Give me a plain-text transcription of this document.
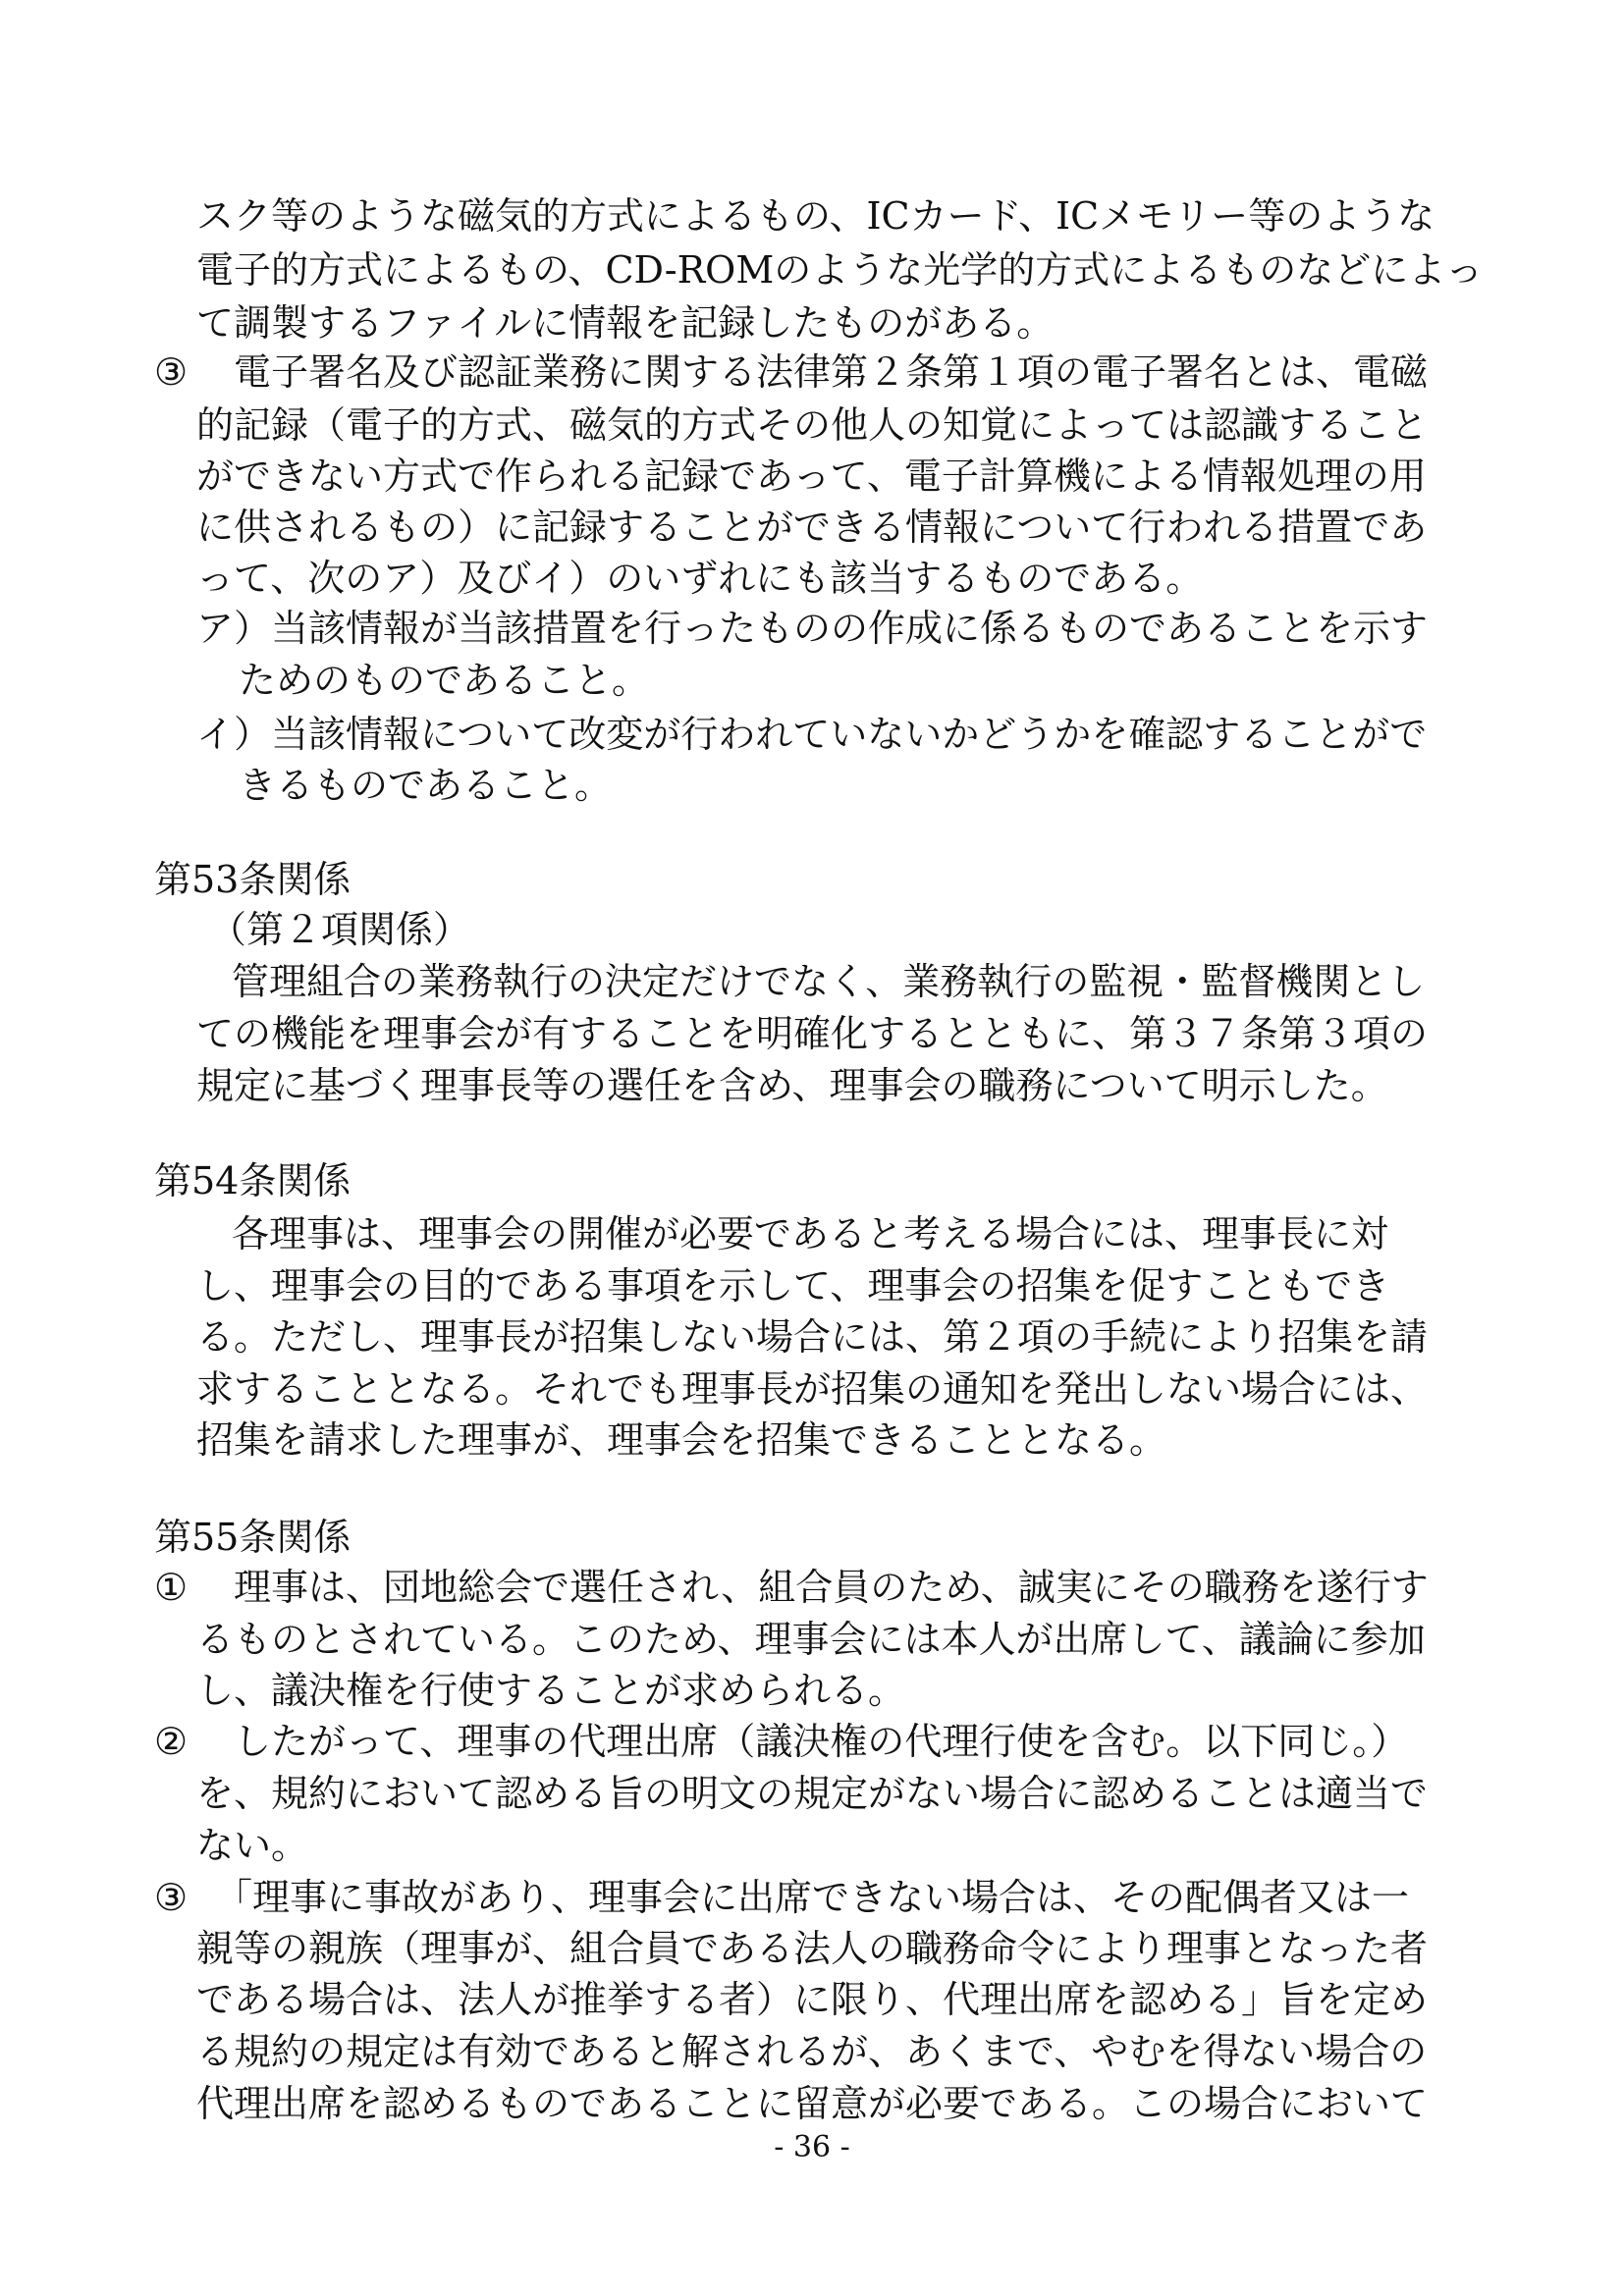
スク等のような磁気的方式によるもの、ICカード、ICメモリー等のような
電子的方式によるもの、CD-ROMのような光学的方式によるものなどによっ
て調製するファイルに情報を記録したものがある。
③ 　電子署名及び認証業務に関する法律第２条第１項の電子署名とは、電磁
的記録（電子的方式、磁気的方式その他人の知覚によっては認識すること
ができない方式で作られる記録であって、電子計算機による情報処理の用
に供されるもの）に記録することができる情報について行われる措置であ
って、次のア）及びイ）のいずれにも該当するものである。
ア）当該情報が当該措置を行ったものの作成に係るものであることを示す
ためのものであること。
イ）当該情報について改変が行われていないかどうかを確認することがで
きるものであること。
第53条関係
（第２項関係）
管理組合の業務執行の決定だけでなく、業務執行の監視・監督機関とし
ての機能を理事会が有することを明確化するとともに、第３７条第３項の
規定に基づく理事長等の選任を含め、理事会の職務について明示した。
第54条関係
各理事は、理事会の開催が必要であると考える場合には、理事長に対
し、理事会の目的である事項を示して、理事会の招集を促すこともでき
る。ただし、理事長が招集しない場合には、第２項の手続により招集を請
求することとなる。それでも理事長が招集の通知を発出しない場合には、
招集を請求した理事が、理事会を招集できることとなる。
第55条関係
① 　理事は、団地総会で選任され、組合員のため、誠実にその職務を遂行す
るものとされている。このため、理事会には本人が出席して、議論に参加
し、議決権を行使することが求められる。
② 　したがって、理事の代理出席（議決権の代理行使を含む。以下同じ。）
を、規約において認める旨の明文の規定がない場合に認めることは適当で
ない。
③ 　「理事に事故があり、理事会に出席できない場合は、その配偶者又は一
親等の親族（理事が、組合員である法人の職務命令により理事となった者
である場合は、法人が推挙する者）に限り、代理出席を認める」旨を定め
る規約の規定は有効であると解されるが、あくまで、やむを得ない場合の
代理出席を認めるものであることに留意が必要である。この場合において
- 36 -
